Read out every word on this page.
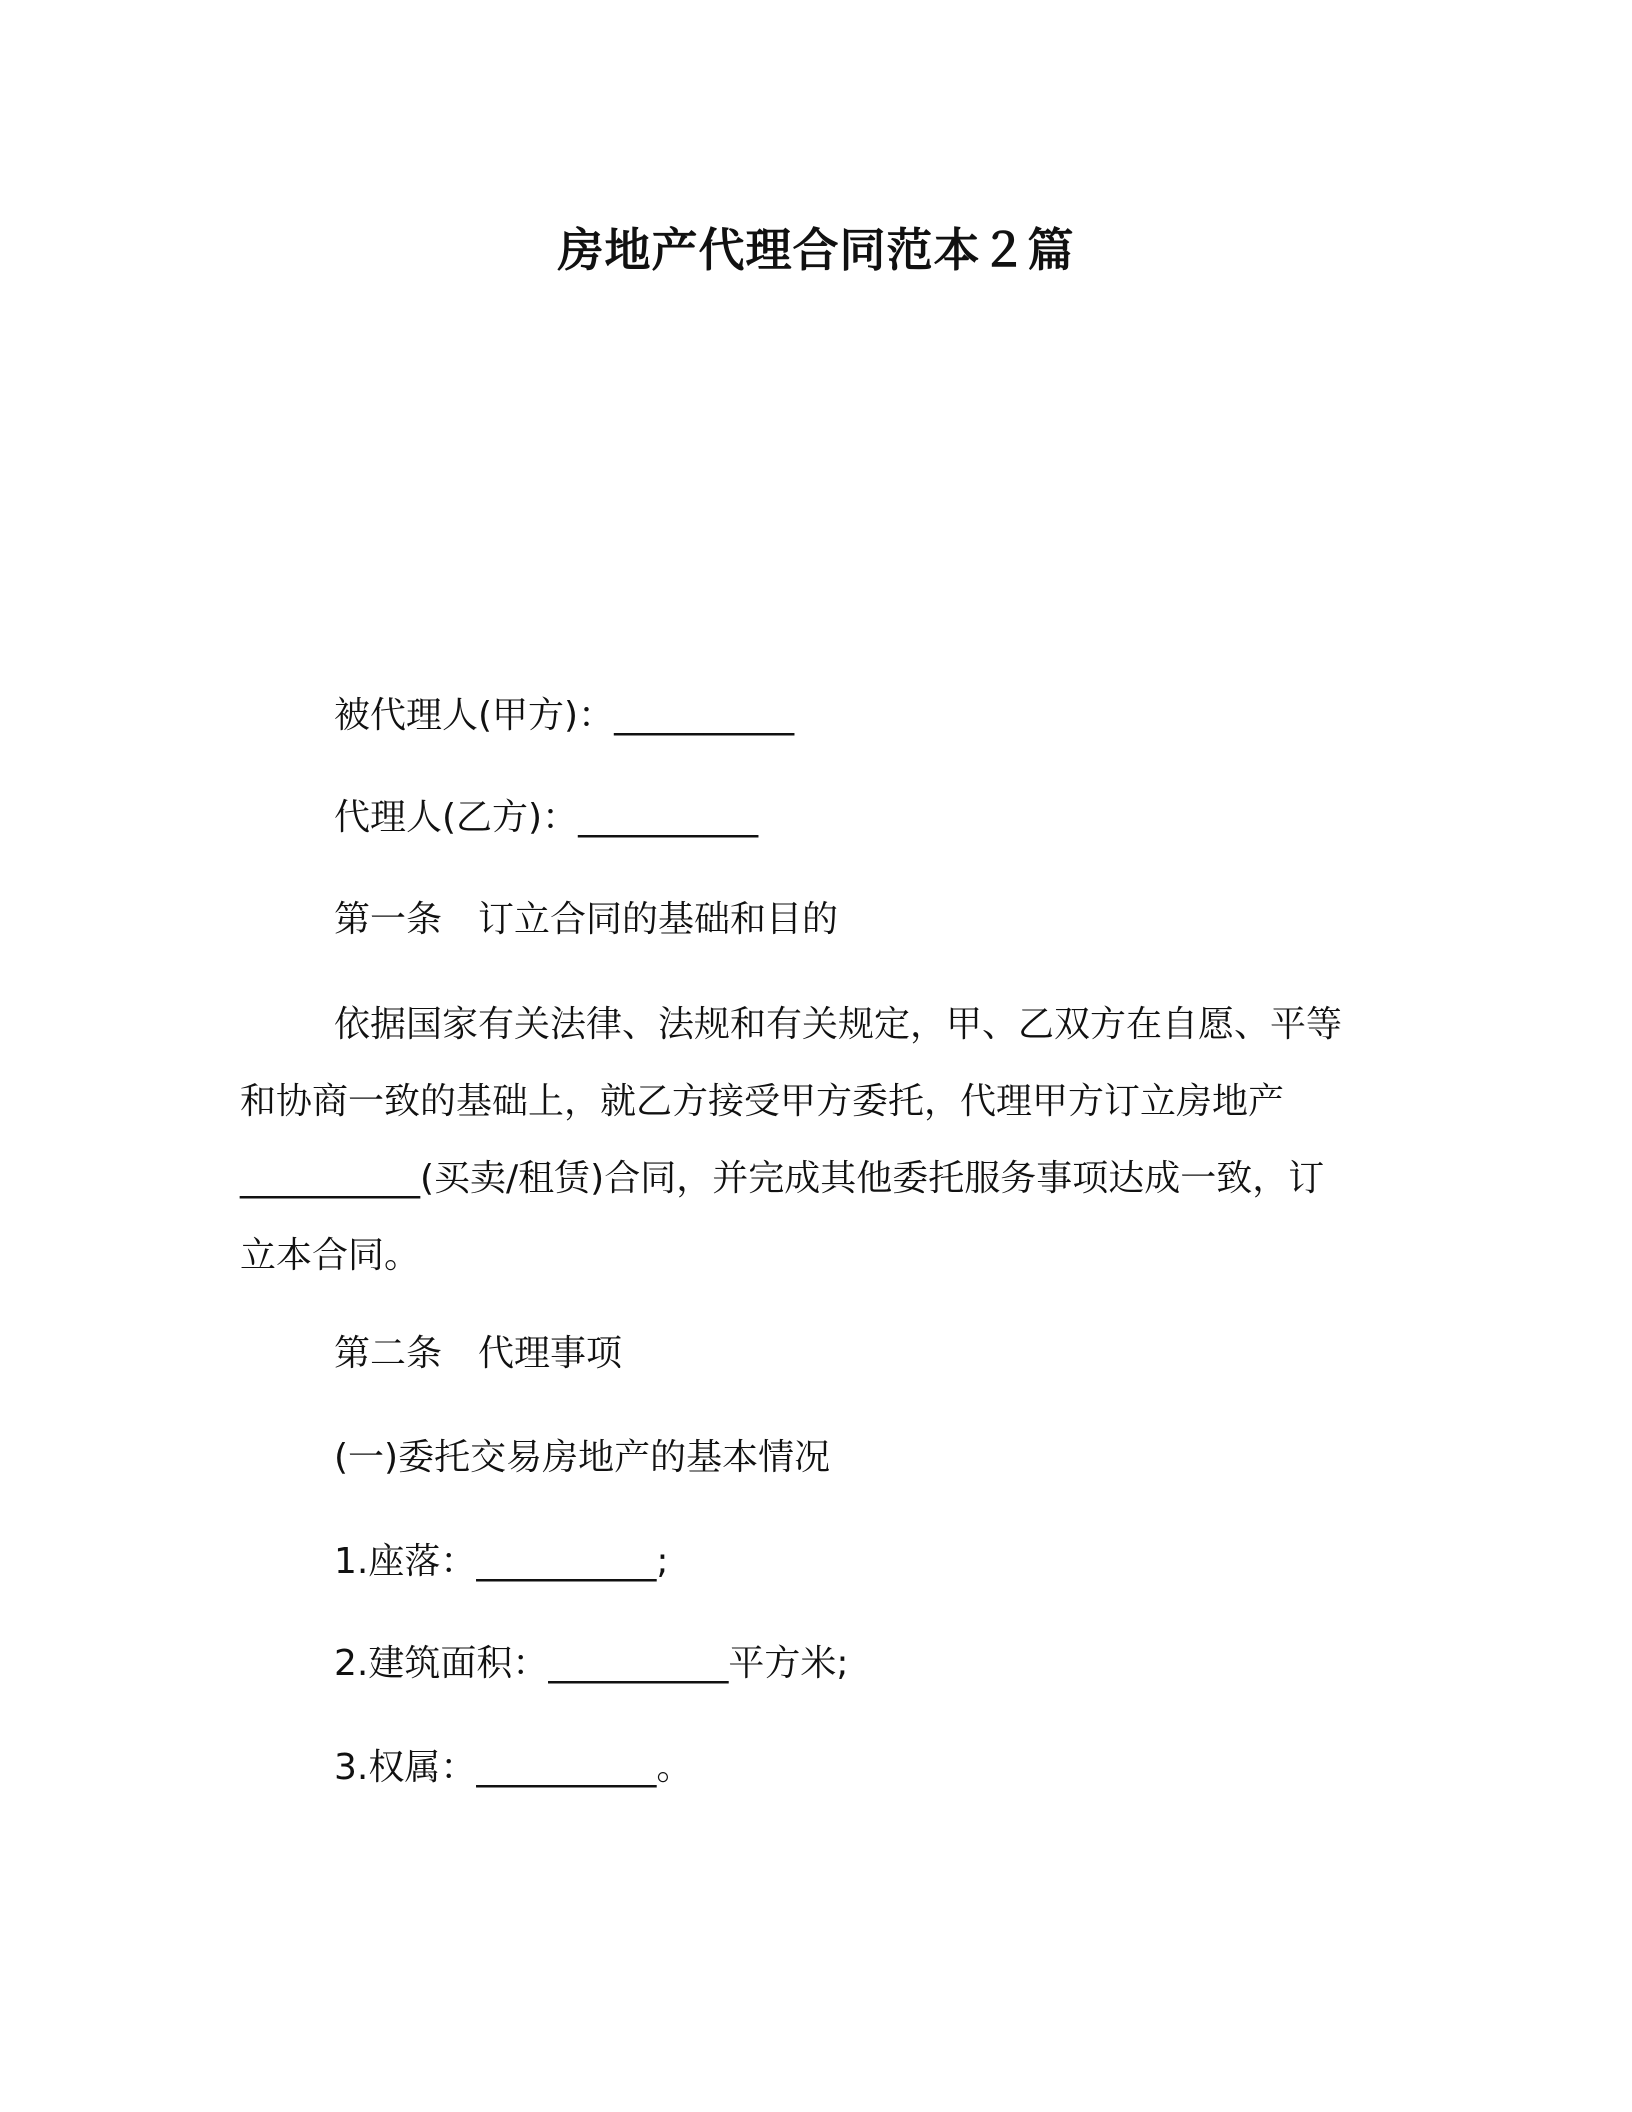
房地产代理合同范本２篇

被代理人(甲方)：__________

代理人(乙方)：__________

第一条　订立合同的基础和目的

依据国家有关法律、法规和有关规定，甲、乙双方在自愿、平等
和协商一致的基础上，就乙方接受甲方委托，代理甲方订立房地产
__________(买卖/租赁)合同，并完成其他委托服务事项达成一致，订
立本合同。

第二条　代理事项

(一)委托交易房地产的基本情况

1.座落：__________;

2.建筑面积：__________平方米;

3.权属：__________。
